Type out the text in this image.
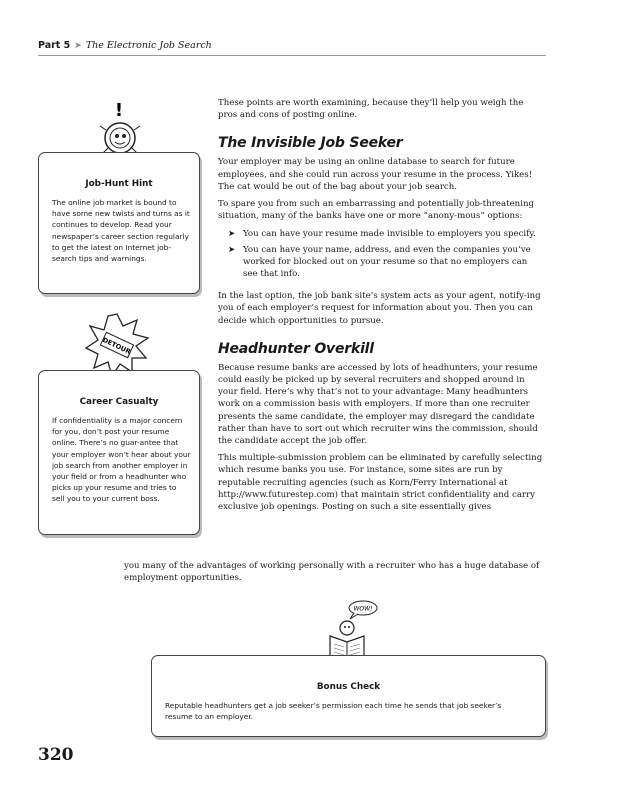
Part 5 ➤ The Electronic Job Search

These points are worth examining, because they’ll help you weigh the pros and cons of posting online.

The Invisible Job Seeker

Your employer may be using an online database to search for future employees, and she could run across your resume in the process. Yikes! The cat would be out of the bag about your job search.

To spare you from such an embarrassing and potentially job-threatening situation, many of the banks have one or more “anony-mous” options:

➤ You can have your resume made invisible to employers you specify.
➤ You can have your name, address, and even the companies you’ve worked for blocked out on your resume so that no employers can see that info.

In the last option, the job bank site’s system acts as your agent, notify-ing you of each employer’s request for information about you. Then you can decide which opportunities to pursue.

Headhunter Overkill

Because resume banks are accessed by lots of headhunters, your resume could easily be picked up by several recruiters and shopped around in your field. Here’s why that’s not to your advantage: Many headhunters work on a commission basis with employers. If more than one recruiter presents the same candidate, the employer may disregard the candidate rather than have to sort out which recruiter wins the commission, should the candidate accept the job offer.

This multiple-submission problem can be eliminated by carefully selecting which resume banks you use. For instance, some sites are run by reputable recruiting agencies (such as Korn/Ferry International at http://www.futurestep.com) that maintain strict confidentiality and carry exclusive job openings. Posting on such a site essentially gives

you many of the advantages of working personally with a recruiter who has a huge database of employment opportunities.

!
Job-Hunt Hint
The online job market is bound to have some new twists and turns as it continues to develop. Read your newspaper’s career section regularly to get the latest on Internet job-search tips and warnings.
DETOUR
Career Casualty
If confidentiality is a major concern for you, don’t post your resume online. There’s no guar-antee that your employer won’t hear about your job search from another employer in your field or from a headhunter who picks up your resume and tries to sell you to your current boss.
WOW!
Bonus Check
Reputable headhunters get a job seeker’s permission each time he sends that job seeker’s resume to an employer.
320
